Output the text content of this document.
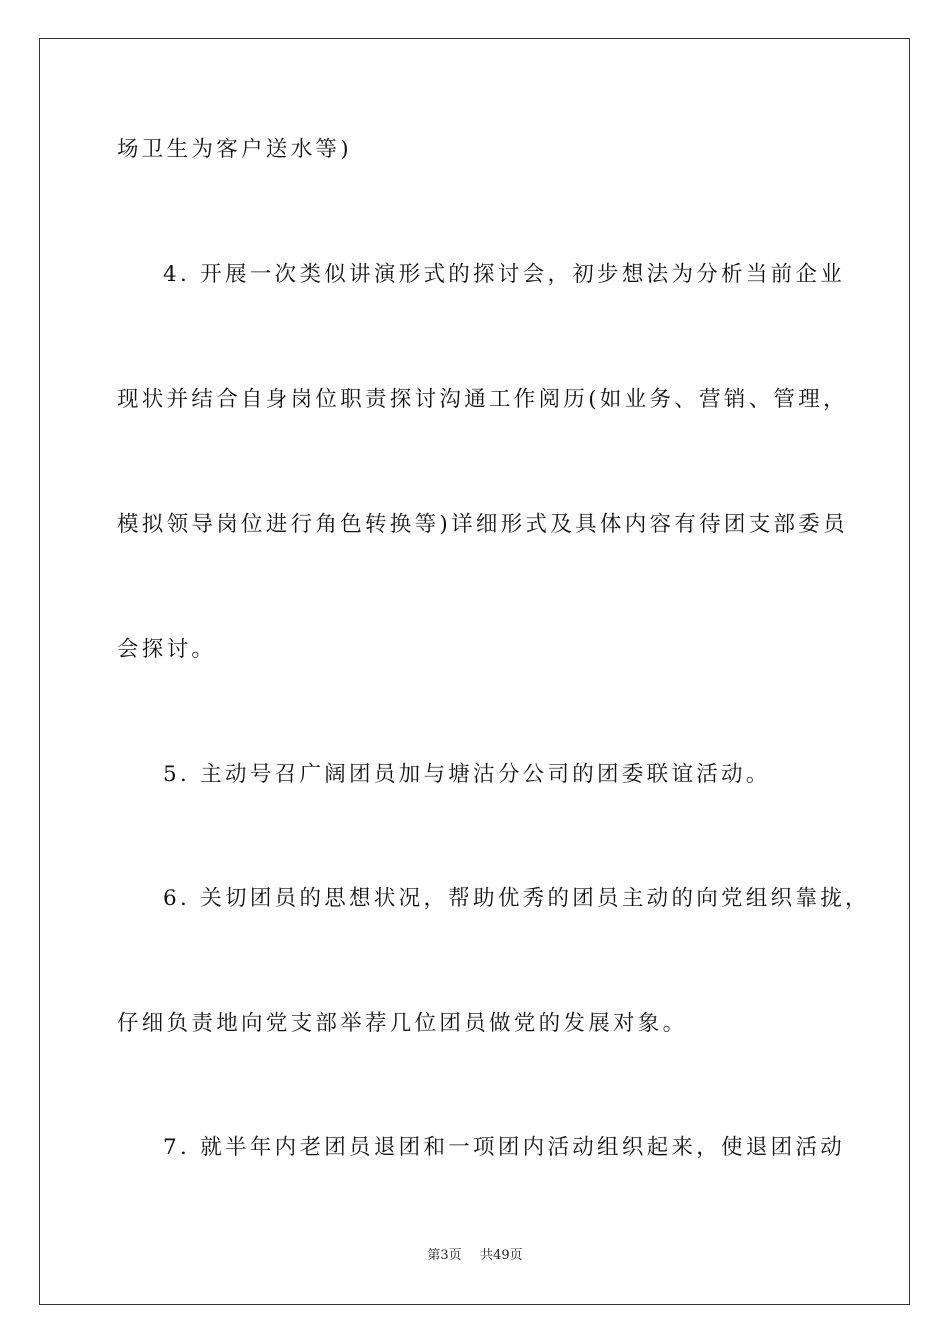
场卫生为客户送水等)
4. 开展一次类似讲演形式的探讨会，初步想法为分析当前企业
现状并结合自身岗位职责探讨沟通工作阅历(如业务、营销、管理，
模拟领导岗位进行角色转换等)详细形式及具体内容有待团支部委员
会探讨。
5. 主动号召广阔团员加与塘沽分公司的团委联谊活动。
6. 关切团员的思想状况，帮助优秀的团员主动的向党组织靠拢，
仔细负责地向党支部举荐几位团员做党的发展对象。
7. 就半年内老团员退团和一项团内活动组织起来，使退团活动
第3页 共49页
